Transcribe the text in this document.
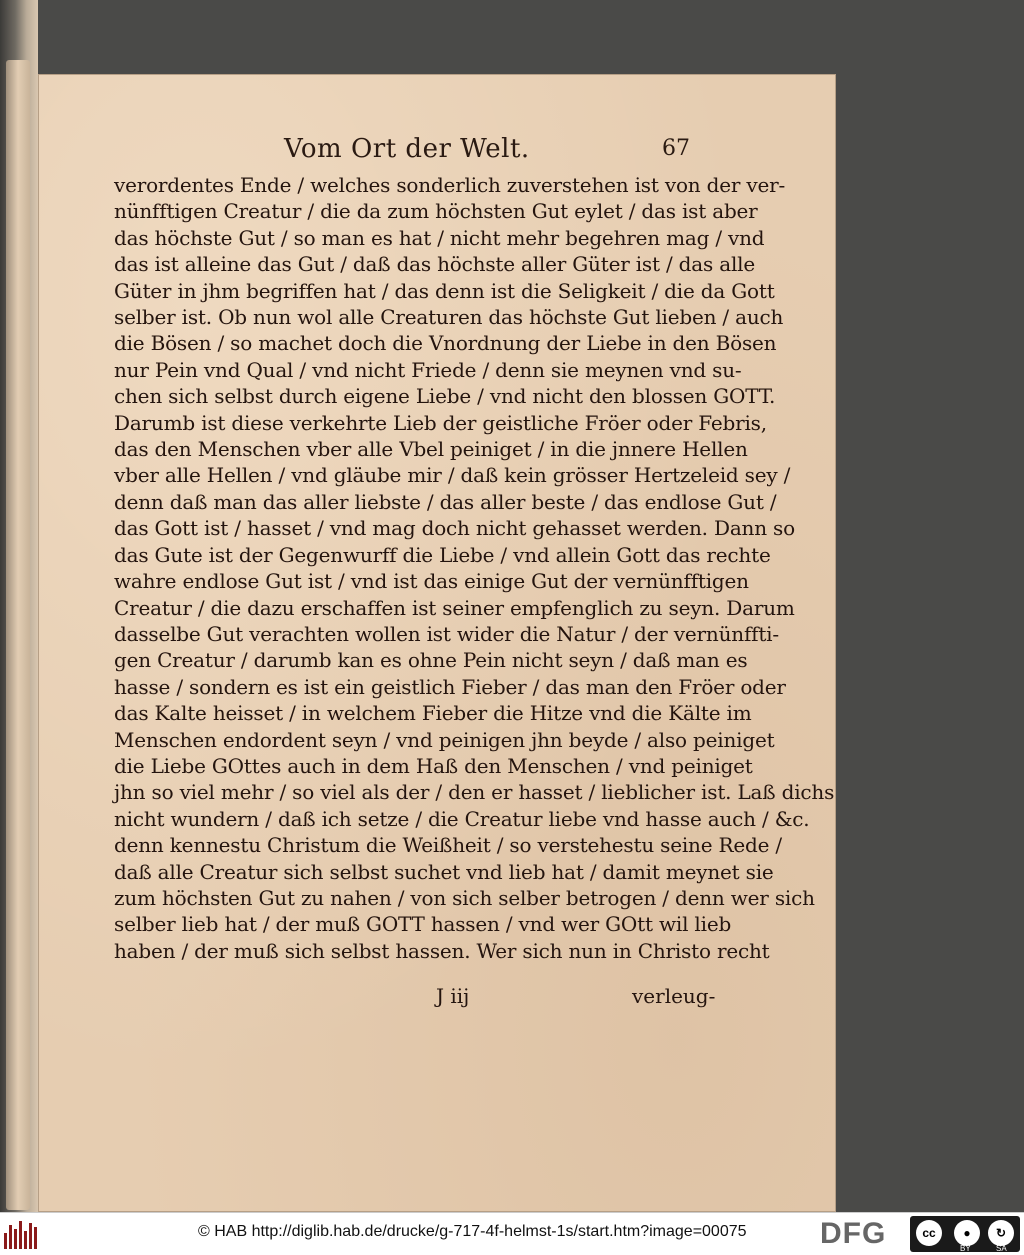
Vom Ort der Welt.	67
verordentes Ende / welches sonderlich zuverstehen ist von der ver-
nünfftigen Creatur / die da zum höchsten Gut eylet / das ist aber
das höchste Gut / so man es hat / nicht mehr begehren mag / vnd
das ist alleine das Gut / daß das höchste aller Güter ist / das alle
Güter in jhm begriffen hat / das denn ist die Seligkeit / die da Gott
selber ist. Ob nun wol alle Creaturen das höchste Gut lieben / auch
die Bösen / so machet doch die Vnordnung der Liebe in den Bösen
nur Pein vnd Qual / vnd nicht Friede / denn sie meynen vnd su-
chen sich selbst durch eigene Liebe / vnd nicht den blossen GOTT.
Darumb ist diese verkehrte Lieb der geistliche Fröer oder Febris,
das den Menschen vber alle Vbel peiniget / in die jnnere Hellen
vber alle Hellen / vnd gläube mir / daß kein grösser Hertzeleid sey /
denn daß man das aller liebste / das aller beste / das endlose Gut /
das Gott ist / hasset / vnd mag doch nicht gehasset werden. Dann so
das Gute ist der Gegenwurff die Liebe / vnd allein Gott das rechte
wahre endlose Gut ist / vnd ist das einige Gut der vernünfftigen
Creatur / die dazu erschaffen ist seiner empfenglich zu seyn. Darum
dasselbe Gut verachten wollen ist wider die Natur / der vernünffti-
gen Creatur / darumb kan es ohne Pein nicht seyn / daß man es
hasse / sondern es ist ein geistlich Fieber / das man den Fröer oder
das Kalte heisset / in welchem Fieber die Hitze vnd die Kälte im
Menschen endordent seyn / vnd peinigen jhn beyde / also peiniget
die Liebe GOttes auch in dem Haß den Menschen / vnd peiniget
jhn so viel mehr / so viel als der / den er hasset / lieblicher ist. Laß dichs
nicht wundern / daß ich setze / die Creatur liebe vnd hasse auch / &c.
denn kennestu Christum die Weißheit / so verstehestu seine Rede /
daß alle Creatur sich selbst suchet vnd lieb hat / damit meynet sie
zum höchsten Gut zu nahen / von sich selber betrogen / denn wer sich
selber lieb hat / der muß GOTT hassen / vnd wer GOtt wil lieb
haben / der muß sich selbst hassen. Wer sich nun in Christo recht
J iij	verleug-
© HAB http://diglib.hab.de/drucke/g-717-4f-helmst-1s/start.htm?image=00075 DFG	cc	●	↻
BY	SA
